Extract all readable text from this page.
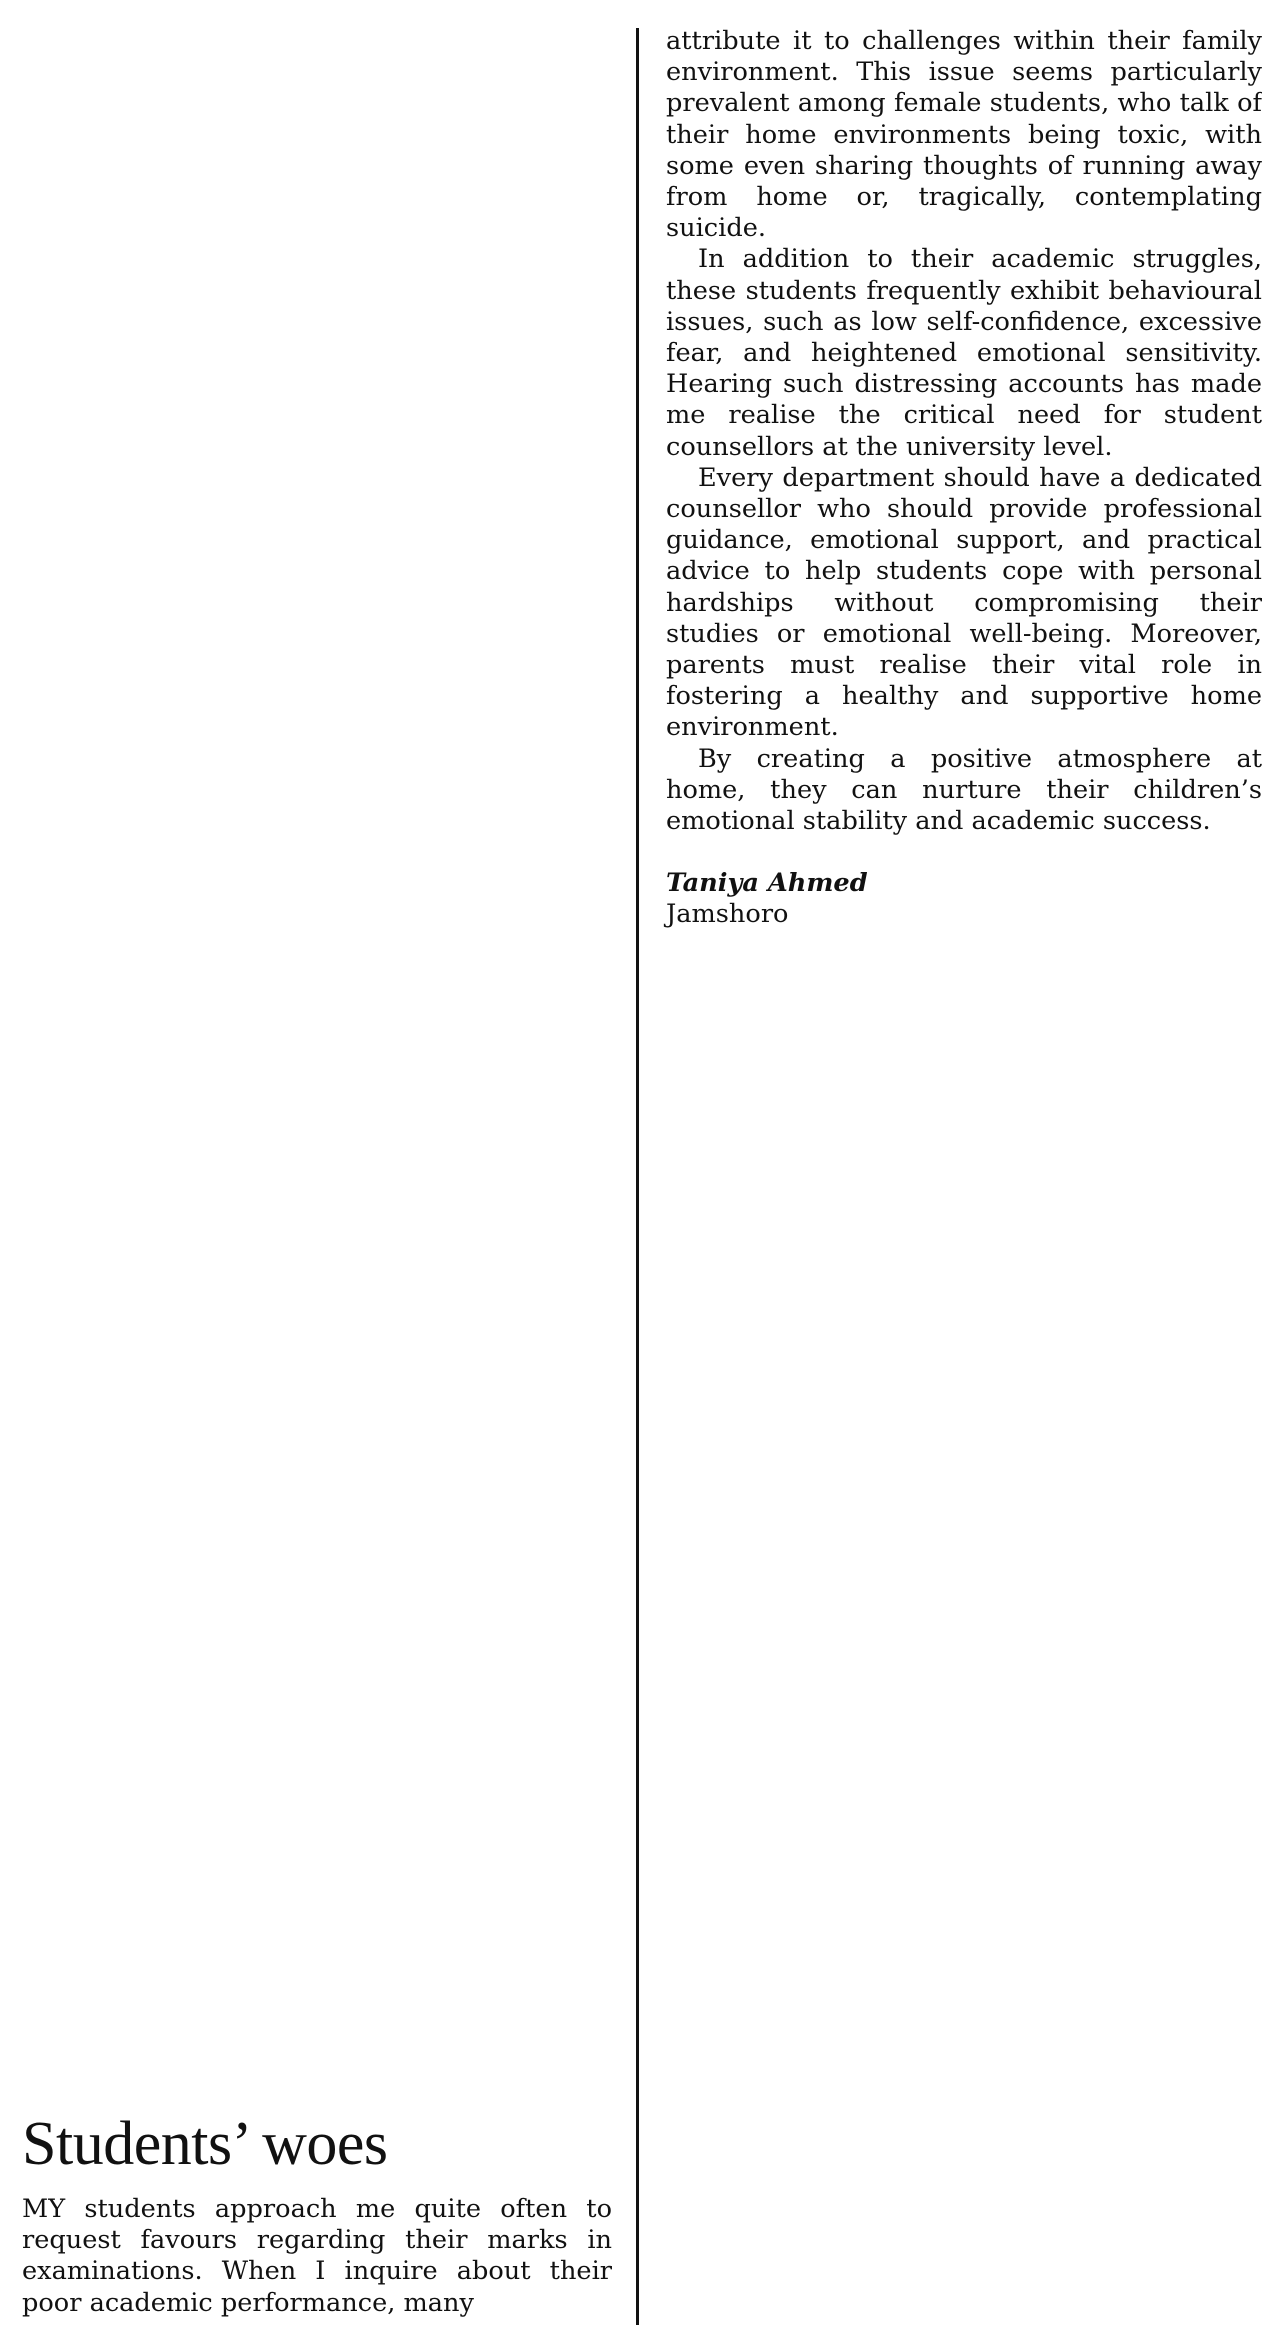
attribute it to challenges within their family environment. This issue seems particularly prevalent among female students, who talk of their home environments being toxic, with some even sharing thoughts of running away from home or, tragically, contemplating suicide.

In addition to their academic struggles, these students frequently exhibit behavioural issues, such as low self-confidence, excessive fear, and heightened emotional sensitivity. Hearing such distressing accounts has made me realise the critical need for student counsellors at the university level.

Every department should have a dedicated counsellor who should provide professional guidance, emotional support, and practical advice to help students cope with personal hardships without compromising their studies or emotional well-being. Moreover, parents must realise their vital role in fostering a healthy and supportive home environment.

By creating a positive atmosphere at home, they can nurture their children’s emotional stability and academic success.

Taniya Ahmed
Jamshoro
Students’ woes

MY students approach me quite often to request favours regarding their marks in examinations. When I inquire about their poor academic performance, many
